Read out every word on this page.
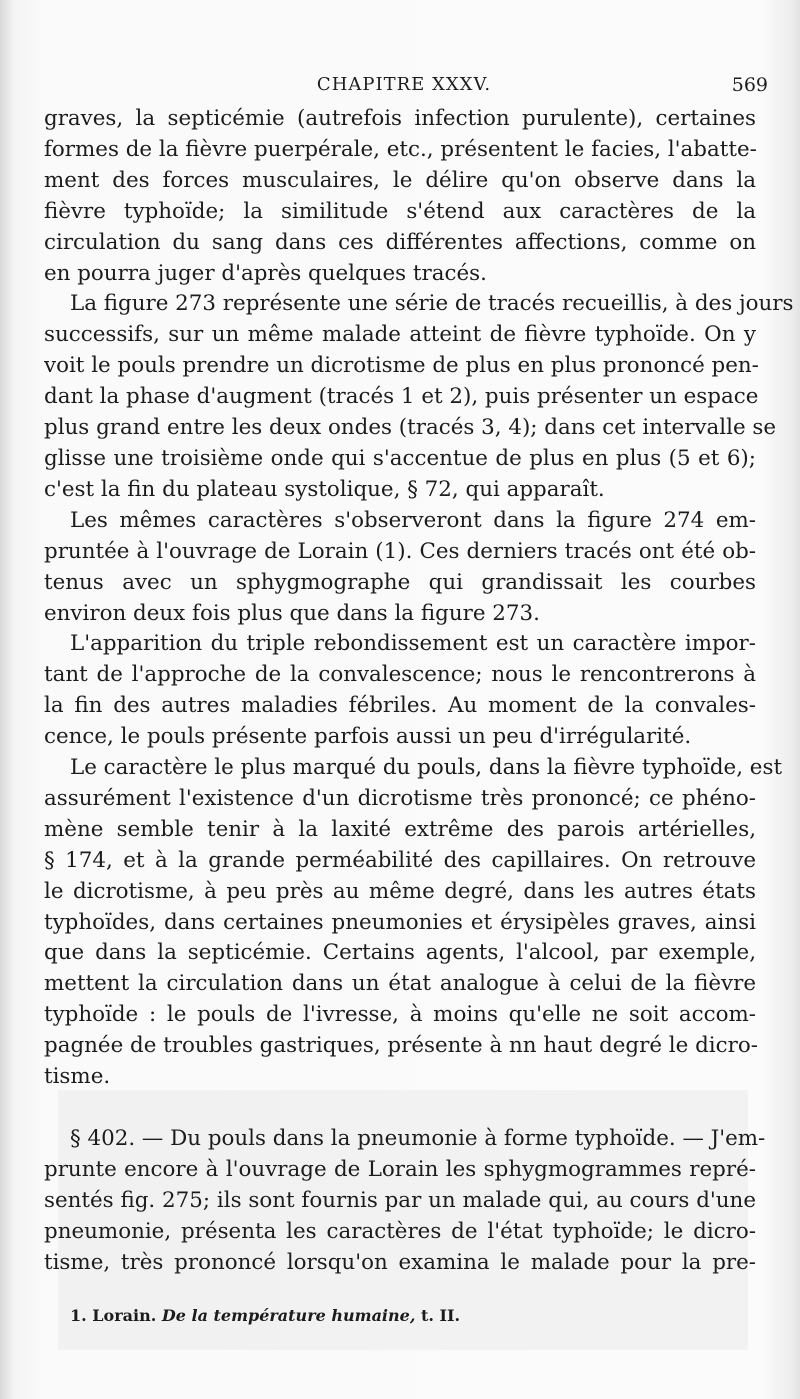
CHAPITRE XXXV.	569
graves, la septicémie (autrefois infection purulente), certaines
formes de la fièvre puerpérale, etc., présentent le facies, l'abatte-
ment des forces musculaires, le délire qu'on observe dans la
fièvre typhoïde; la similitude s'étend aux caractères de la
circulation du sang dans ces différentes affections, comme on
en pourra juger d'après quelques tracés.
La figure 273 représente une série de tracés recueillis, à des jours
successifs, sur un même malade atteint de fièvre typhoïde. On y
voit le pouls prendre un dicrotisme de plus en plus prononcé pen-
dant la phase d'augment (tracés 1 et 2), puis présenter un espace
plus grand entre les deux ondes (tracés 3, 4); dans cet intervalle se
glisse une troisième onde qui s'accentue de plus en plus (5 et 6);
c'est la fin du plateau systolique, § 72, qui apparaît.
Les mêmes caractères s'observeront dans la figure 274 em-
pruntée à l'ouvrage de Lorain (1). Ces derniers tracés ont été ob-
tenus avec un sphygmographe qui grandissait les courbes
environ deux fois plus que dans la figure 273.
L'apparition du triple rebondissement est un caractère impor-
tant de l'approche de la convalescence; nous le rencontrerons à
la fin des autres maladies fébriles. Au moment de la convales-
cence, le pouls présente parfois aussi un peu d'irrégularité.
Le caractère le plus marqué du pouls, dans la fièvre typhoïde, est
assurément l'existence d'un dicrotisme très prononcé; ce phéno-
mène semble tenir à la laxité extrême des parois artérielles,
§ 174, et à la grande perméabilité des capillaires. On retrouve
le dicrotisme, à peu près au même degré, dans les autres états
typhoïdes, dans certaines pneumonies et érysipèles graves, ainsi
que dans la septicémie. Certains agents, l'alcool, par exemple,
mettent la circulation dans un état analogue à celui de la fièvre
typhoïde : le pouls de l'ivresse, à moins qu'elle ne soit accom-
pagnée de troubles gastriques, présente à nn haut degré le dicro-
tisme.
§ 402. — Du pouls dans la pneumonie à forme typhoïde. — J'em-
prunte encore à l'ouvrage de Lorain les sphygmogrammes repré-
sentés fig. 275; ils sont fournis par un malade qui, au cours d'une
pneumonie, présenta les caractères de l'état typhoïde; le dicro-
tisme, très prononcé lorsqu'on examina le malade pour la pre-
1. Lorain. De la température humaine, t. II.
